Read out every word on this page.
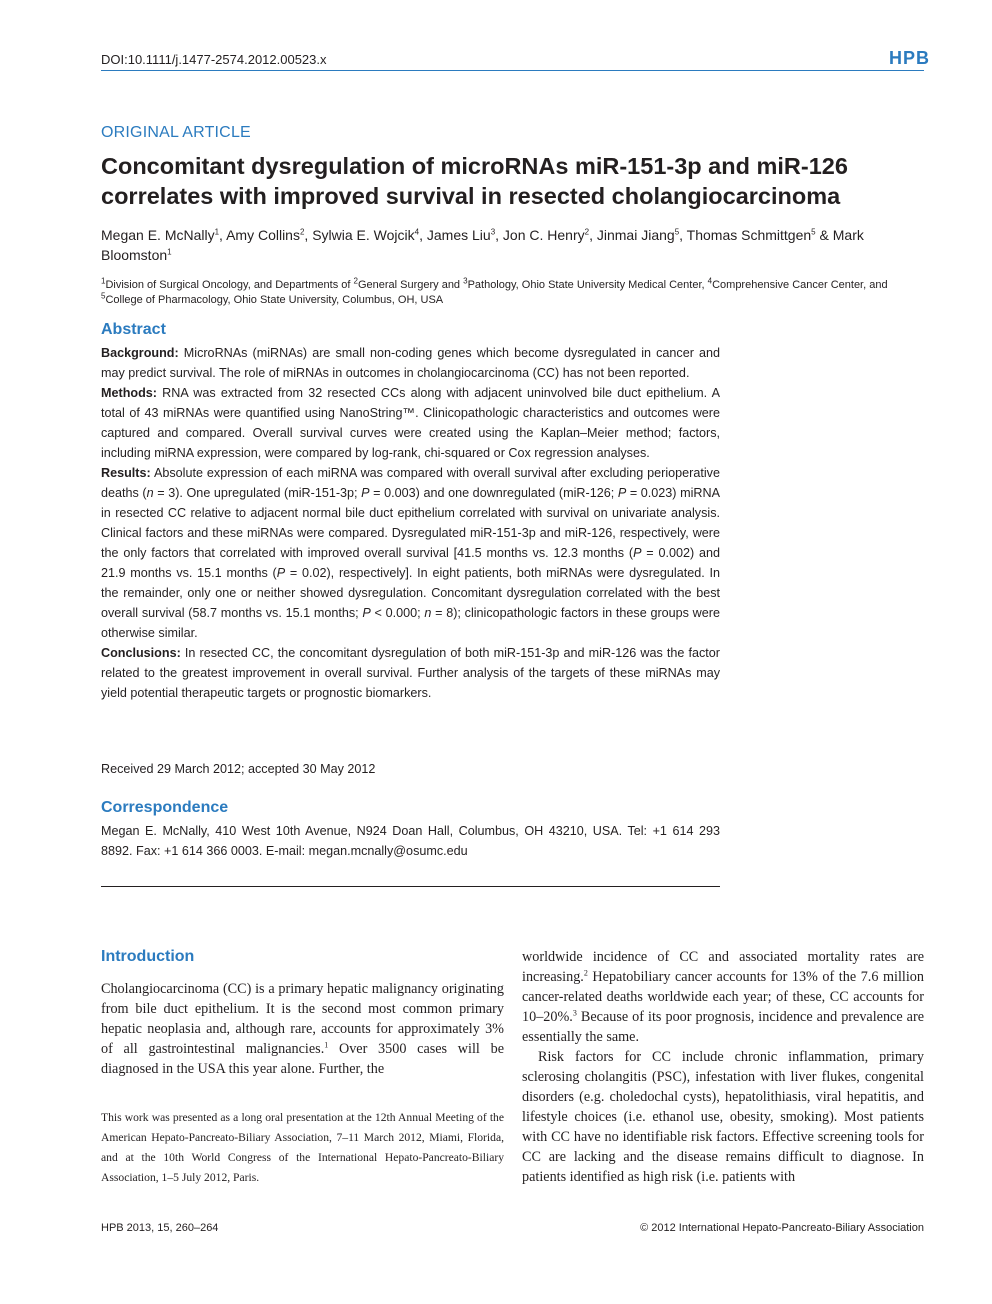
DOI:10.1111/j.1477-2574.2012.00523.x	HPB
ORIGINAL ARTICLE
Concomitant dysregulation of microRNAs miR-151-3p and miR-126 correlates with improved survival in resected cholangiocarcinoma
Megan E. McNally$^1$, Amy Collins$^2$, Sylwia E. Wojcik$^4$, James Liu$^3$, Jon C. Henry$^2$, Jinmai Jiang$^5$, Thomas Schmittgen$^5$ & Mark Bloomston$^1$
$^1$Division of Surgical Oncology, and Departments of $^2$General Surgery and $^3$Pathology, Ohio State University Medical Center, $^4$Comprehensive Cancer Center, and $^5$College of Pharmacology, Ohio State University, Columbus, OH, USA
Abstract

Background: MicroRNAs (miRNAs) are small non-coding genes which become dysregulated in cancer and may predict survival. The role of miRNAs in outcomes in cholangiocarcinoma (CC) has not been reported.

Methods: RNA was extracted from 32 resected CCs along with adjacent uninvolved bile duct epithelium. A total of 43 miRNAs were quantified using NanoString™. Clinicopathologic characteristics and outcomes were captured and compared. Overall survival curves were created using the Kaplan–Meier method; factors, including miRNA expression, were compared by log-rank, chi-squared or Cox regression analyses.

Results: Absolute expression of each miRNA was compared with overall survival after excluding perioperative deaths (n = 3). One upregulated (miR-151-3p; P = 0.003) and one downregulated (miR-126; P = 0.023) miRNA in resected CC relative to adjacent normal bile duct epithelium correlated with survival on univariate analysis. Clinical factors and these miRNAs were compared. Dysregulated miR-151-3p and miR-126, respectively, were the only factors that correlated with improved overall survival [41.5 months vs. 12.3 months (P = 0.002) and 21.9 months vs. 15.1 months (P = 0.02), respectively]. In eight patients, both miRNAs were dysregulated. In the remainder, only one or neither showed dysregulation. Concomitant dysregulation correlated with the best overall survival (58.7 months vs. 15.1 months; P < 0.000; n = 8); clinicopathologic factors in these groups were otherwise similar.

Conclusions: In resected CC, the concomitant dysregulation of both miR-151-3p and miR-126 was the factor related to the greatest improvement in overall survival. Further analysis of the targets of these miRNAs may yield potential therapeutic targets or prognostic biomarkers.

Received 29 March 2012; accepted 30 May 2012
Correspondence
Megan E. McNally, 410 West 10th Avenue, N924 Doan Hall, Columbus, OH 43210, USA. Tel: +1 614 293 8892. Fax: +1 614 366 0003. E-mail: megan.mcnally@osumc.edu
Introduction

Cholangiocarcinoma (CC) is a primary hepatic malignancy originating from bile duct epithelium. It is the second most common primary hepatic neoplasia and, although rare, accounts for approximately 3% of all gastrointestinal malignancies.$^1$ Over 3500 cases will be diagnosed in the USA this year alone. Further, the

worldwide incidence of CC and associated mortality rates are increasing.$^2$ Hepatobiliary cancer accounts for 13% of the 7.6 million cancer-related deaths worldwide each year; of these, CC accounts for 10–20%.$^3$ Because of its poor prognosis, incidence and prevalence are essentially the same.

Risk factors for CC include chronic inflammation, primary sclerosing cholangitis (PSC), infestation with liver flukes, congenital disorders (e.g. choledochal cysts), hepatolithiasis, viral hepatitis, and lifestyle choices (i.e. ethanol use, obesity, smoking). Most patients with CC have no identifiable risk factors. Effective screening tools for CC are lacking and the disease remains difficult to diagnose. In patients identified as high risk (i.e. patients with

This work was presented as a long oral presentation at the 12th Annual Meeting of the American Hepato-Pancreato-Biliary Association, 7–11 March 2012, Miami, Florida, and at the 10th World Congress of the International Hepato-Pancreato-Biliary Association, 1–5 July 2012, Paris.
HPB 2013, 15, 260–264	© 2012 International Hepato-Pancreato-Biliary Association
